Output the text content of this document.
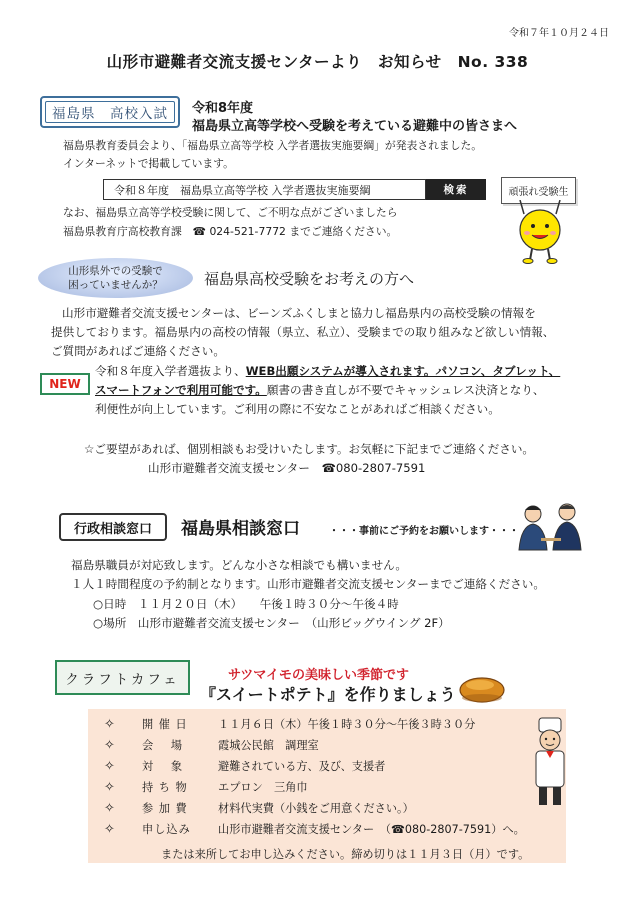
令和７年１０月２４日
山形市避難者交流支援センターより　お知らせ　No. 338
福島県　高校入試 令和8年度
福島県立高等学校へ受験を考えている避難中の皆さまへ
福島県教育委員会より、「福島県立高等学校 入学者選抜実施要綱」が発表されました。
インターネットで掲載しています。
令和８年度　福島県立高等学校 入学者選抜実施要綱	検索
なお、福島県立高等学校受験に関して、ご不明な点がございましたら
福島県教育庁高校教育課　☎ 024-521-7772 までご連絡ください。
頑張れ受験生
山形県外での受験で
困っていませんか？	福島県高校受験をお考えの方へ
山形市避難者交流支援センターは、ビーンズふくしまと協力し福島県内の高校受験の情報を
提供しております。福島県内の高校の情報（県立、私立）、受験までの取り組みなど欲しい情報、
ご質問があればご連絡ください。
NEW
令和８年度入学者選抜より、WEB出願システムが導入されます。パソコン、タブレット、
スマートフォンで利用可能です。願書の書き直しが不要でキャッシュレス決済となり、
利便性が向上しています。ご利用の際に不安なことがあればご相談ください。
☆ご要望があれば、個別相談もお受けいたします。お気軽に下記までご連絡ください。
山形市避難者交流支援センター　☎080-2807-7591
行政相談窓口	福島県相談窓口	・・・事前にご予約をお願いします・・・
福島県職員が対応致します。どんな小さな相談でも構いません。
１人１時間程度の予約制となります。山形市避難者交流支援センターまでご連絡ください。
○日時　１１月２０日（木）　　午後１時３０分～午後４時
○場所　山形市避難者交流支援センター　（山形ビッグウイング 2F）
クラフトカフェ	サツマイモの美味しい季節です
『スイートポテト』を作りましょう
✧ 開 催 日	１１月６日（木）午後１時３０分～午後３時３０分
✧ 会　 場	霞城公民館　調理室
✧ 対　 象	避難されている方、及び、支援者
✧ 持 ち 物	エプロン　三角巾
✧ 参 加 費	材料代実費（小銭をご用意ください。）
✧ 申し込み 山形市避難者交流支援センター　（☎080-2807-7591）へ。
または来所してお申し込みください。締め切りは１１月３日（月）です。
